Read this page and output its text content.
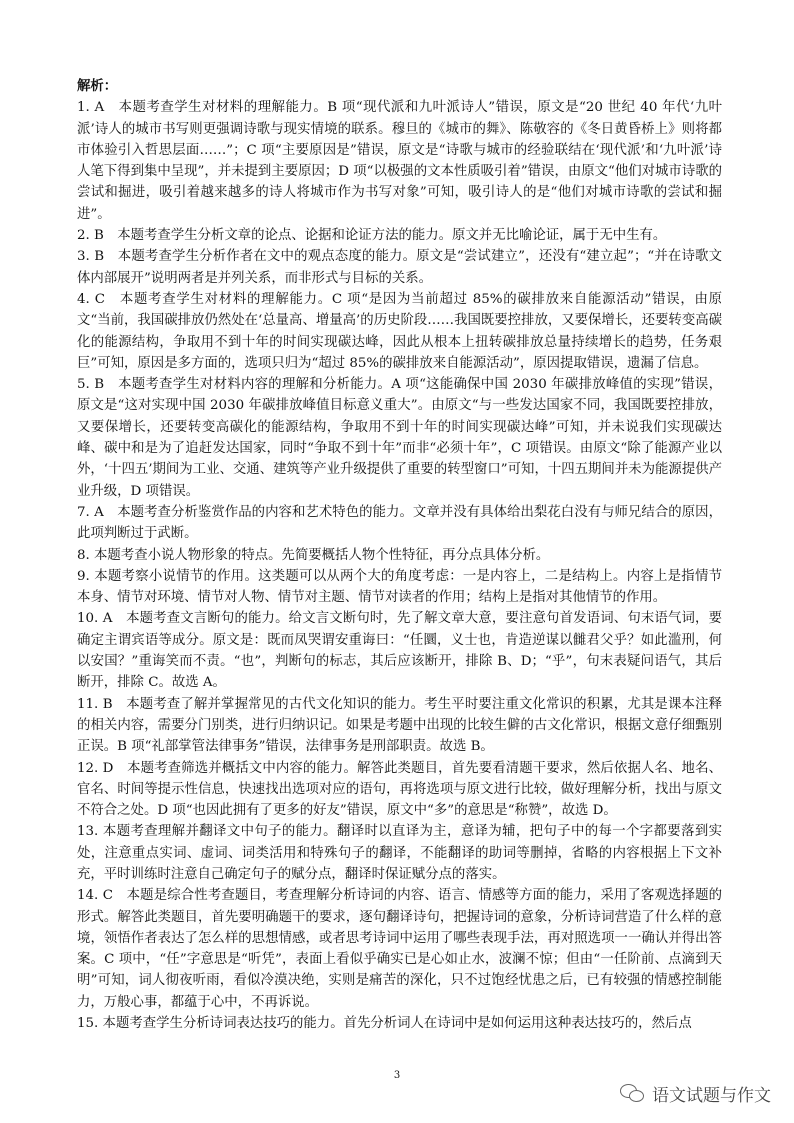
解析：

1. A　本题考查学生对材料的理解能力。B 项“现代派和九叶派诗人”错误，原文是“20 世纪 40 年代‘九叶派’诗人的城市书写则更强调诗歌与现实情境的联系。穆旦的《城市的舞》、陈敬容的《冬日黄昏桥上》则将都市体验引入哲思层面……”；C 项“主要原因是”错误，原文是“诗歌与城市的经验联结在‘现代派’和‘九叶派’诗人笔下得到集中呈现”，并未提到主要原因；D 项“以极强的文本性质吸引着”错误，由原文“他们对城市诗歌的尝试和掘进，吸引着越来越多的诗人将城市作为书写对象”可知，吸引诗人的是“他们对城市诗歌的尝试和掘进”。

2. B　本题考查学生分析文章的论点、论据和论证方法的能力。原文并无比喻论证，属于无中生有。

3. B　本题考查学生分析作者在文中的观点态度的能力。原文是“尝试建立”，还没有“建立起”；“并在诗歌文体内部展开”说明两者是并列关系，而非形式与目标的关系。

4. C　本题考查学生对材料的理解能力。C 项“是因为当前超过 85%的碳排放来自能源活动”错误，由原文“当前，我国碳排放仍然处在‘总量高、增量高’的历史阶段……我国既要控排放，又要保增长，还要转变高碳化的能源结构，争取用不到十年的时间实现碳达峰，因此从根本上扭转碳排放总量持续增长的趋势，任务艰巨”可知，原因是多方面的，选项只归为“超过 85%的碳排放来自能源活动”，原因提取错误，遗漏了信息。

5. B　本题考查学生对材料内容的理解和分析能力。A 项“这能确保中国 2030 年碳排放峰值的实现”错误，原文是“这对实现中国 2030 年碳排放峰值目标意义重大”。由原文“与一些发达国家不同，我国既要控排放，又要保增长，还要转变高碳化的能源结构，争取用不到十年的时间实现碳达峰”可知，并未说我们实现碳达峰、碳中和是为了追赶发达国家，同时“争取不到十年”而非“必须十年”，C 项错误。由原文“除了能源产业以外，‘十四五’期间为工业、交通、建筑等产业升级提供了重要的转型窗口”可知，十四五期间并未为能源提供产业升级，D 项错误。

7. A　本题考查分析鉴赏作品的内容和艺术特色的能力。文章并没有具体给出梨花白没有与师兄结合的原因，此项判断过于武断。

8. 本题考查小说人物形象的特点。先简要概括人物个性特征，再分点具体分析。

9. 本题考察小说情节的作用。这类题可以从两个大的角度考虑：一是内容上，二是结构上。内容上是指情节本身、情节对环境、情节对人物、情节对主题、情节对读者的作用；结构上是指对其他情节的作用。

10. A　本题考查文言断句的能力。给文言文断句时，先了解文章大意，要注意句首发语词、句末语气词，要确定主谓宾语等成分。原文是：既而凤哭谓安重诲曰：“任圜，义士也，肯造逆谋以雠君父乎？如此滥刑，何以安国？”重诲笑而不责。“也”，判断句的标志，其后应该断开，排除 B、D；“乎”，句末表疑问语气，其后断开，排除 C。故选 A。

11. B　本题考查了解并掌握常见的古代文化知识的能力。考生平时要注重文化常识的积累，尤其是课本注释的相关内容，需要分门别类，进行归纳识记。如果是考题中出现的比较生僻的古文化常识，根据文意仔细甄别正误。B 项“礼部掌管法律事务”错误，法律事务是刑部职责。故选 B。

12. D　本题考查筛选并概括文中内容的能力。解答此类题目，首先要看清题干要求，然后依据人名、地名、官名、时间等提示性信息，快速找出选项对应的语句，再将选项与原文进行比较，做好理解分析，找出与原文不符合之处。D 项“也因此拥有了更多的好友”错误，原文中“多”的意思是“称赞”，故选 D。

13. 本题考查理解并翻译文中句子的能力。翻译时以直译为主，意译为辅，把句子中的每一个字都要落到实处，注意重点实词、虚词、词类活用和特殊句子的翻译，不能翻译的助词等删掉，省略的内容根据上下文补充，平时训练时注意自己确定句子的赋分点，翻译时保证赋分点的落实。

14. C　本题是综合性考查题目，考查理解分析诗词的内容、语言、情感等方面的能力，采用了客观选择题的形式。解答此类题目，首先要明确题干的要求，逐句翻译诗句，把握诗词的意象，分析诗词营造了什么样的意境，领悟作者表达了怎么样的思想情感，或者思考诗词中运用了哪些表现手法，再对照选项一一确认并得出答案。C 项中，“任”字意思是“听凭”，表面上看似乎确实已是心如止水，波澜不惊；但由“一任阶前、点滴到天明”可知，词人彻夜听雨，看似冷漠决绝，实则是痛苦的深化，只不过饱经忧患之后，已有较强的情感控制能力，万般心事，都蕴于心中，不再诉说。

15. 本题考查学生分析诗词表达技巧的能力。首先分析词人在诗词中是如何运用这种表达技巧的，然后点

3
语文试题与作文
